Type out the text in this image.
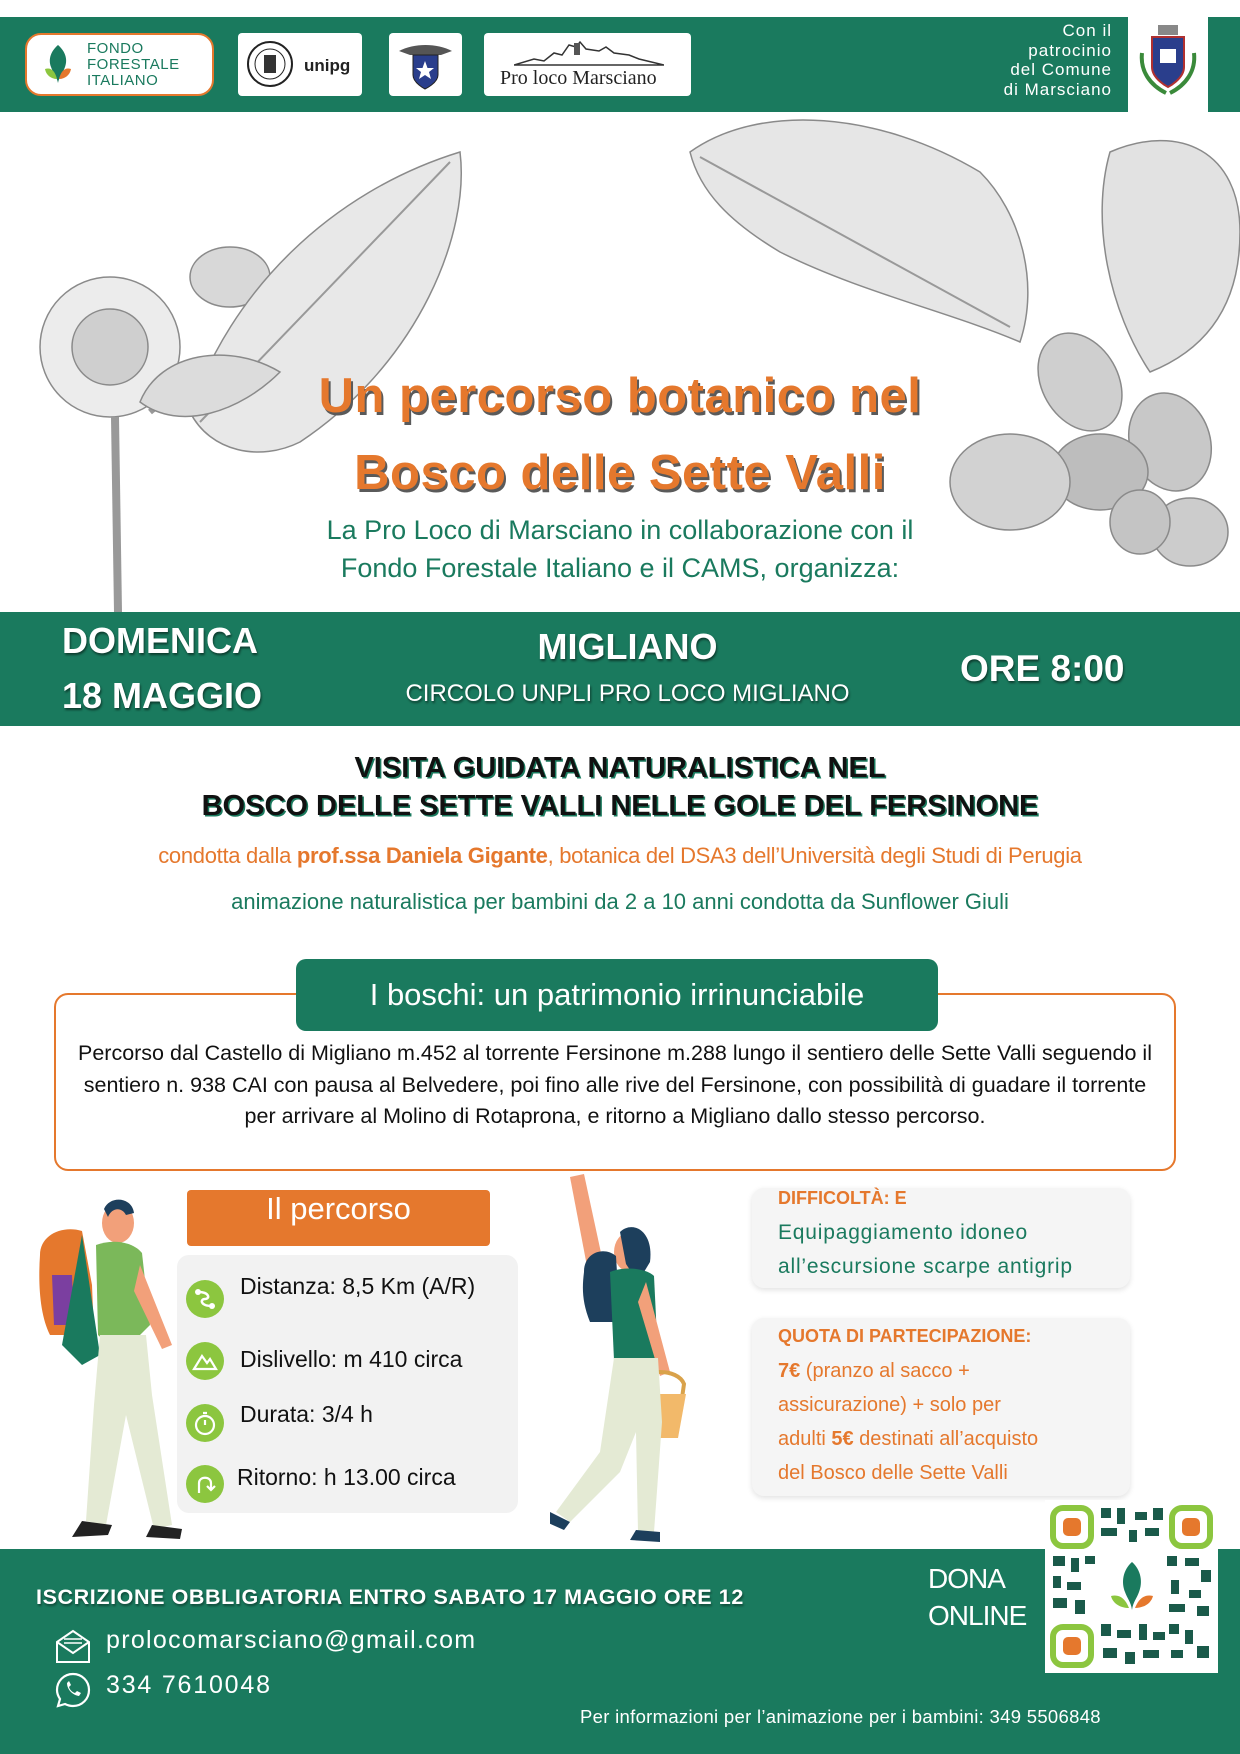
FONDO
FORESTALE
ITALIANO
unipg
Pro loco Marsciano
Con il
patrocinio
del Comune
di Marsciano
Un percorso botanico nel
Bosco delle Sette Valli
La Pro Loco di Marsciano in collaborazione con il
Fondo Forestale Italiano e il CAMS, organizza:
DOMENICA
18 MAGGIO
MIGLIANO
CIRCOLO UNPLI PRO LOCO MIGLIANO
ORE 8:00
VISITA GUIDATA NATURALISTICA NEL
BOSCO DELLE SETTE VALLI NELLE GOLE DEL FERSINONE
condotta dalla prof.ssa Daniela Gigante, botanica del DSA3 dell’Università degli Studi di Perugia
animazione naturalistica per bambini da 2 a 10 anni condotta da Sunflower Giuli
I boschi: un patrimonio irrinunciabile
Percorso dal Castello di Migliano m.452 al torrente Fersinone m.288 lungo il sentiero delle Sette Valli seguendo il sentiero n. 938 CAI con pausa al Belvedere, poi fino alle rive del Fersinone, con possibilità di guadare il torrente per arrivare al Molino di Rotaprona, e ritorno a Migliano dallo stesso percorso.
Il percorso
Distanza: 8,5 Km (A/R)
Dislivello: m 410 circa
Durata: 3/4 h
Ritorno: h 13.00 circa
DIFFICOLTÀ: E
Equipaggiamento idoneo
all’escursione scarpe antigrip
QUOTA DI PARTECIPAZIONE:
7€ (pranzo al sacco +
assicurazione) + solo per
adulti 5€ destinati all’acquisto
del Bosco delle Sette Valli
ISCRIZIONE OBBLIGATORIA ENTRO SABATO 17 MAGGIO ORE 12
prolocomarsciano@gmail.com
334 7610048
DONA
ONLINE
Per informazioni per l’animazione per i bambini: 349 5506848
